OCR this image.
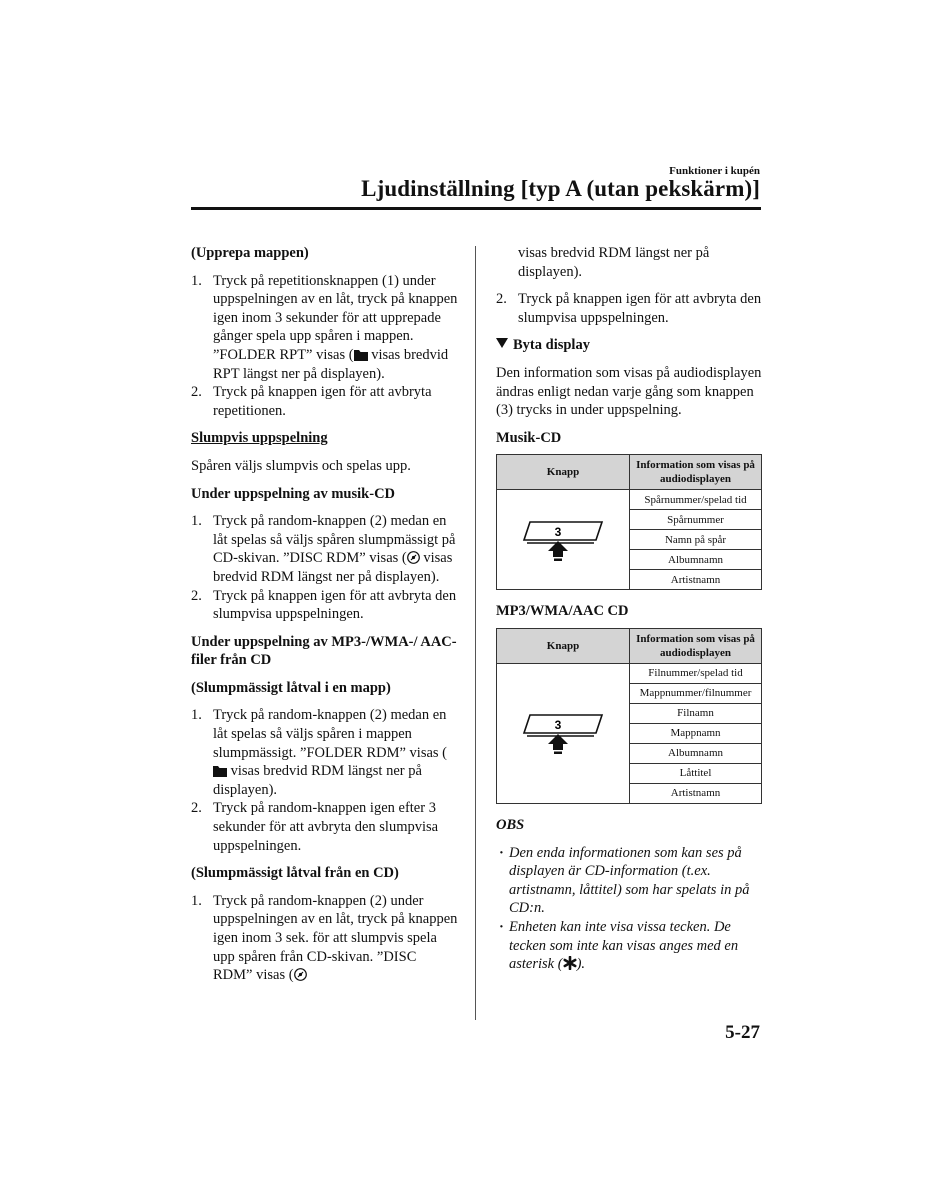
Funktioner i kupén
Ljudinställning [typ A (utan pekskärm)]
(Upprepa mappen)
1. Tryck på repetitionsknappen (1) under uppspelningen av en låt, tryck på knappen igen inom 3 sekunder för att upprepade gånger spela upp spåren i mappen. ”FOLDER RPT” visas ( visas bredvid RPT längst ner på displayen).
2. Tryck på knappen igen för att avbryta repetitionen.
Slumpvis uppspelning
Spåren väljs slumpvis och spelas upp.
Under uppspelning av musik-CD
1. Tryck på random-knappen (2) medan en låt spelas så väljs spåren slumpmässigt på CD-skivan. ”DISC RDM” visas ( visas bredvid RDM längst ner på displayen).
2. Tryck på knappen igen för att avbryta den slumpvisa uppspelningen.
Under uppspelning av MP3-/WMA-/ AAC-filer från CD
(Slumpmässigt låtval i en mapp)
1. Tryck på random-knappen (2) medan en låt spelas så väljs spåren i mappen slumpmässigt. ”FOLDER RDM” visas ( visas bredvid RDM längst ner på displayen).
2. Tryck på random-knappen igen efter 3 sekunder för att avbryta den slumpvisa uppspelningen.
(Slumpmässigt låtval från en CD)
1. Tryck på random-knappen (2) under uppspelningen av en låt, tryck på knappen igen inom 3 sek. för att slumpvis spela upp spåren från CD-skivan. ”DISC RDM” visas (
visas bredvid RDM längst ner på displayen).
2. Tryck på knappen igen för att avbryta den slumpvisa uppspelningen.
Byta display
Den information som visas på audiodisplayen ändras enligt nedan varje gång som knappen (3) trycks in under uppspelning.
Musik-CD
Knapp	Information som visas på audiodisplayen

3	Spårnummer/spelad tid
	Spårnummer
	Namn på spår
	Albumnamn
	Artistnamn
MP3/WMA/AAC CD
Knapp	Information som visas på audiodisplayen

3	Filnummer/spelad tid
	Mappnummer/filnummer
	Filnamn
	Mappnamn
	Albumnamn
	Låttitel
	Artistnamn
OBS
· Den enda informationen som kan ses på displayen är CD-information (t.ex. artistnamn, låttitel) som har spelats in på CD:n.
· Enheten kan inte visa vissa tecken. De tecken som inte kan visas anges med en asterisk ( ).
5-27
